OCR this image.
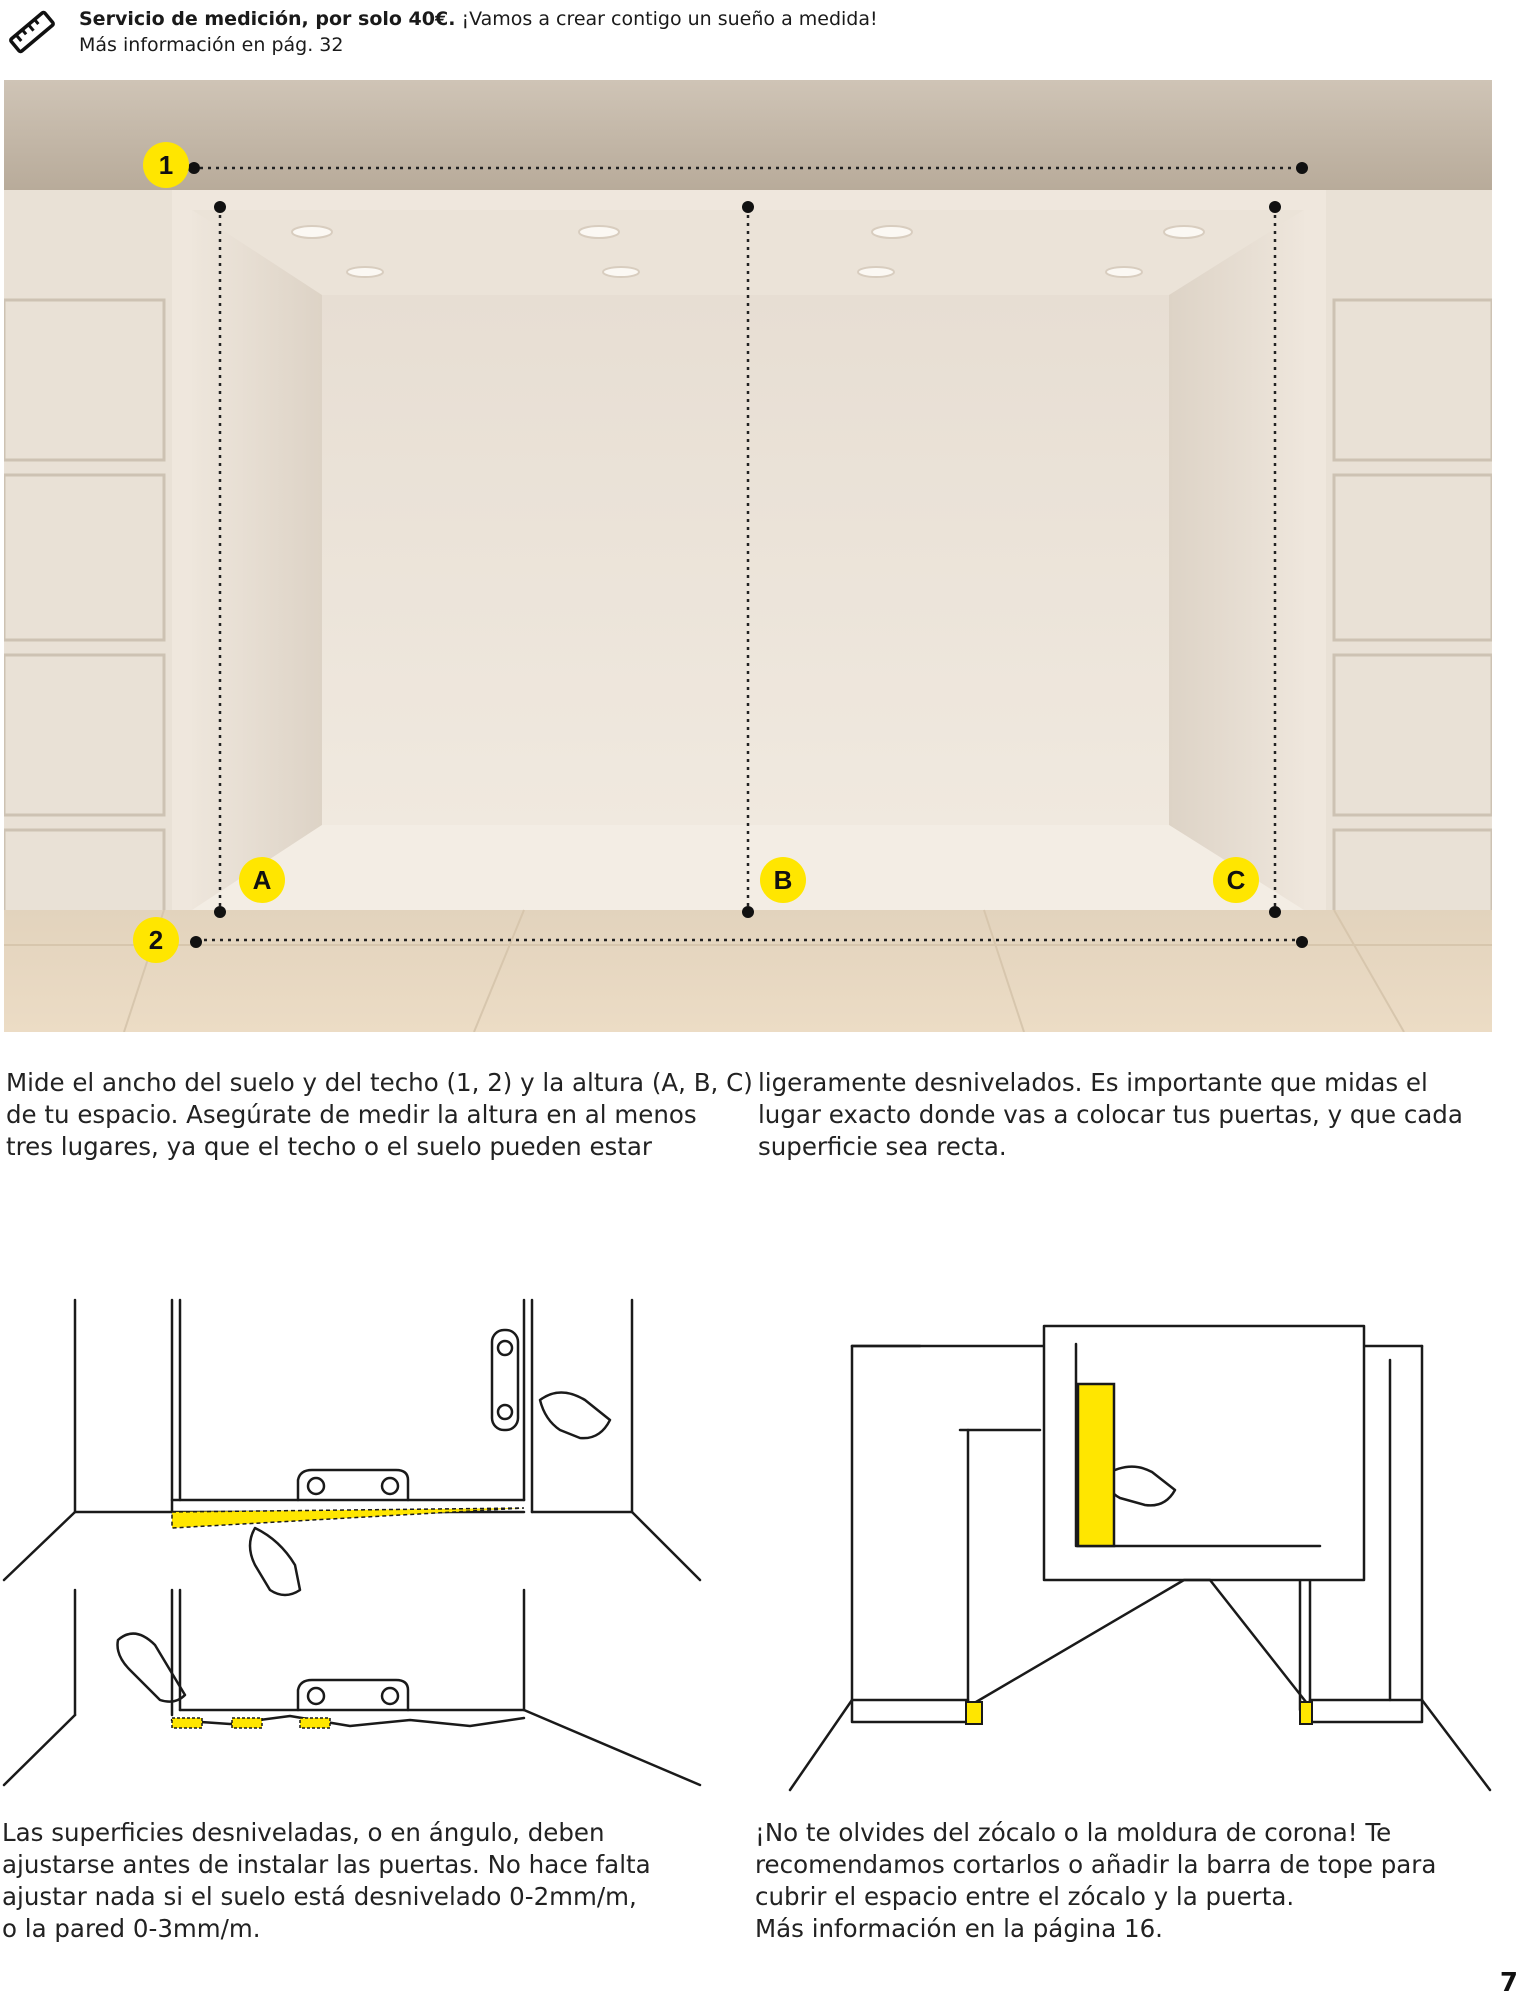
Servicio de medición, por solo 40€. ¡Vamos a crear contigo un sueño a medida!
Más información en pág. 32
1
2
A	B	C
Mide el ancho del suelo y del techo (1, 2) y la altura (A, B, C)
de tu espacio. Asegúrate de medir la altura en al menos
tres lugares, ya que el techo o el suelo pueden estar
ligeramente desnivelados. Es importante que midas el
lugar exacto donde vas a colocar tus puertas, y que cada
superficie sea recta.
Las superficies desniveladas, o en ángulo, deben
ajustarse antes de instalar las puertas. No hace falta
ajustar nada si el suelo está desnivelado 0-2mm/m,
o la pared 0-3mm/m.
¡No te olvides del zócalo o la moldura de corona! Te
recomendamos cortarlos o añadir la barra de tope para
cubrir el espacio entre el zócalo y la puerta.
Más información en la página 16.
7
